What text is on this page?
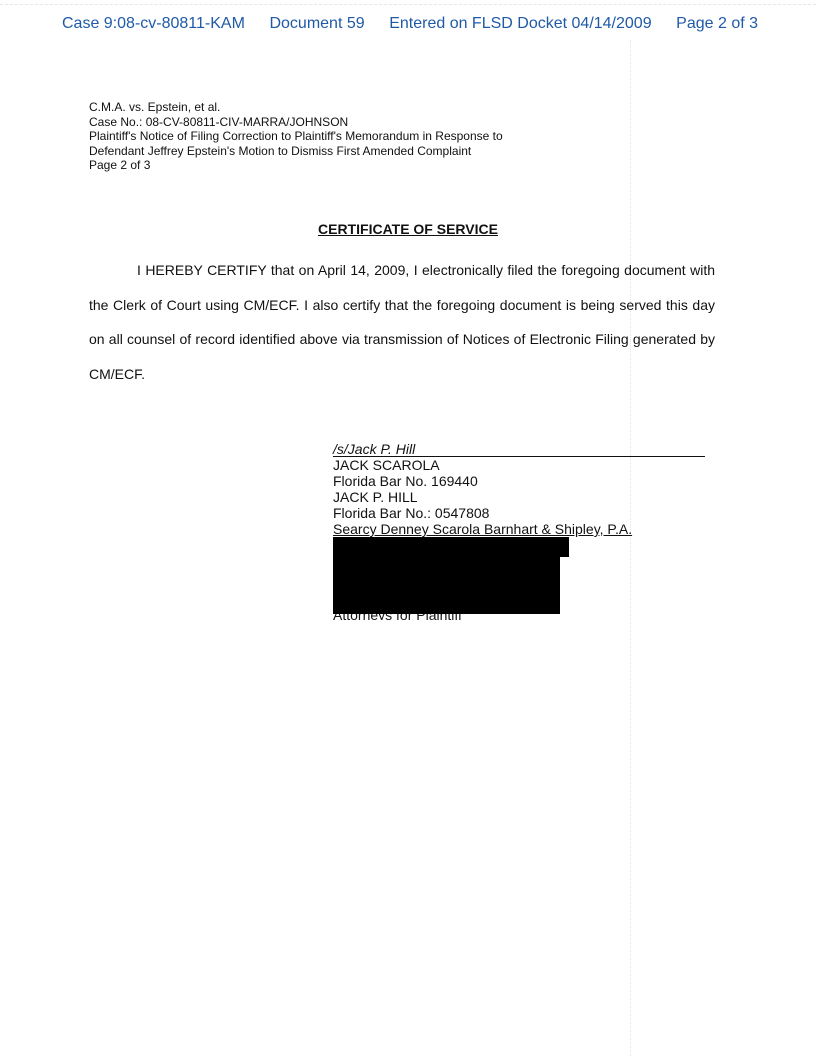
Case 9:08-cv-80811-KAM Document 59 Entered on FLSD Docket 04/14/2009 Page 2 of 3
C.M.A. vs. Epstein, et al.
Case No.: 08-CV-80811-CIV-MARRA/JOHNSON
Plaintiff's Notice of Filing Correction to Plaintiff's Memorandum in Response to
Defendant Jeffrey Epstein's Motion to Dismiss First Amended Complaint
Page 2 of 3
CERTIFICATE OF SERVICE

I HEREBY CERTIFY that on April 14, 2009, I electronically filed the foregoing document with the Clerk of Court using CM/ECF. I also certify that the foregoing document is being served this day on all counsel of record identified above via transmission of Notices of Electronic Filing generated by CM/ECF.

/s/Jack P. Hill
JACK SCAROLA
Florida Bar No. 169440
JACK P. HILL
Florida Bar No.: 0547808
Searcy Denney Scarola Barnhart & Shipley, P.A.
